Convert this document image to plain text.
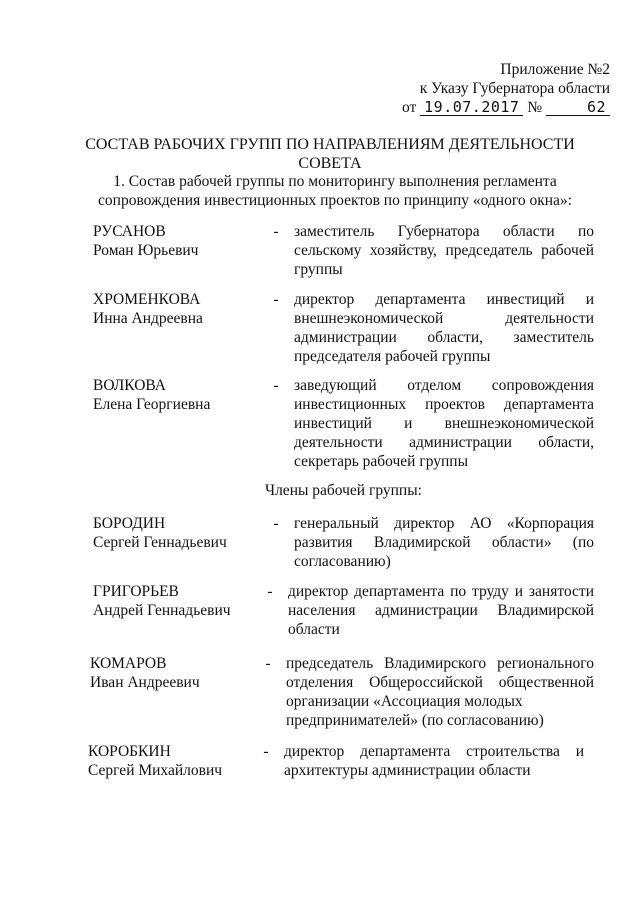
Приложение №2
к Указу Губернатора области
от 19.07.2017 №	62
СОСТАВ РАБОЧИХ ГРУПП ПО НАПРАВЛЕНИЯМ ДЕЯТЕЛЬНОСТИ СОВЕТА
1. Состав рабочей группы по мониторингу выполнения регламента сопровождения инвестиционных проектов по принципу «одного окна»:
РУСАНОВ
Роман Юрьевич
- заместитель Губернатора области по
сельскому хозяйству, председатель рабочей
группы
ХРОМЕНКОВА
Инна Андреевна
- директор департамента инвестиций и
внешнеэкономической деятельности
администрации области, заместитель
председателя рабочей группы
ВОЛКОВА
Елена Георгиевна
- заведующий отделом сопровождения
инвестиционных проектов департамента
инвестиций и внешнеэкономической
деятельности администрации области,
секретарь рабочей группы
Члены рабочей группы:
БОРОДИН
Сергей Геннадьевич
- генеральный директор АО «Корпорация
развития Владимирской области» (по
согласованию)
ГРИГОРЬЕВ
Андрей Геннадьевич
- директор департамента по труду и занятости
населения администрации Владимирской
области
КОМАРОВ
Иван Андреевич
- председатель Владимирского регионального
отделения Общероссийской общественной
организации «Ассоциация молодых
предпринимателей» (по согласованию)
КОРОБКИН
Сергей Михайлович
- директор департамента строительства и
архитектуры администрации области
